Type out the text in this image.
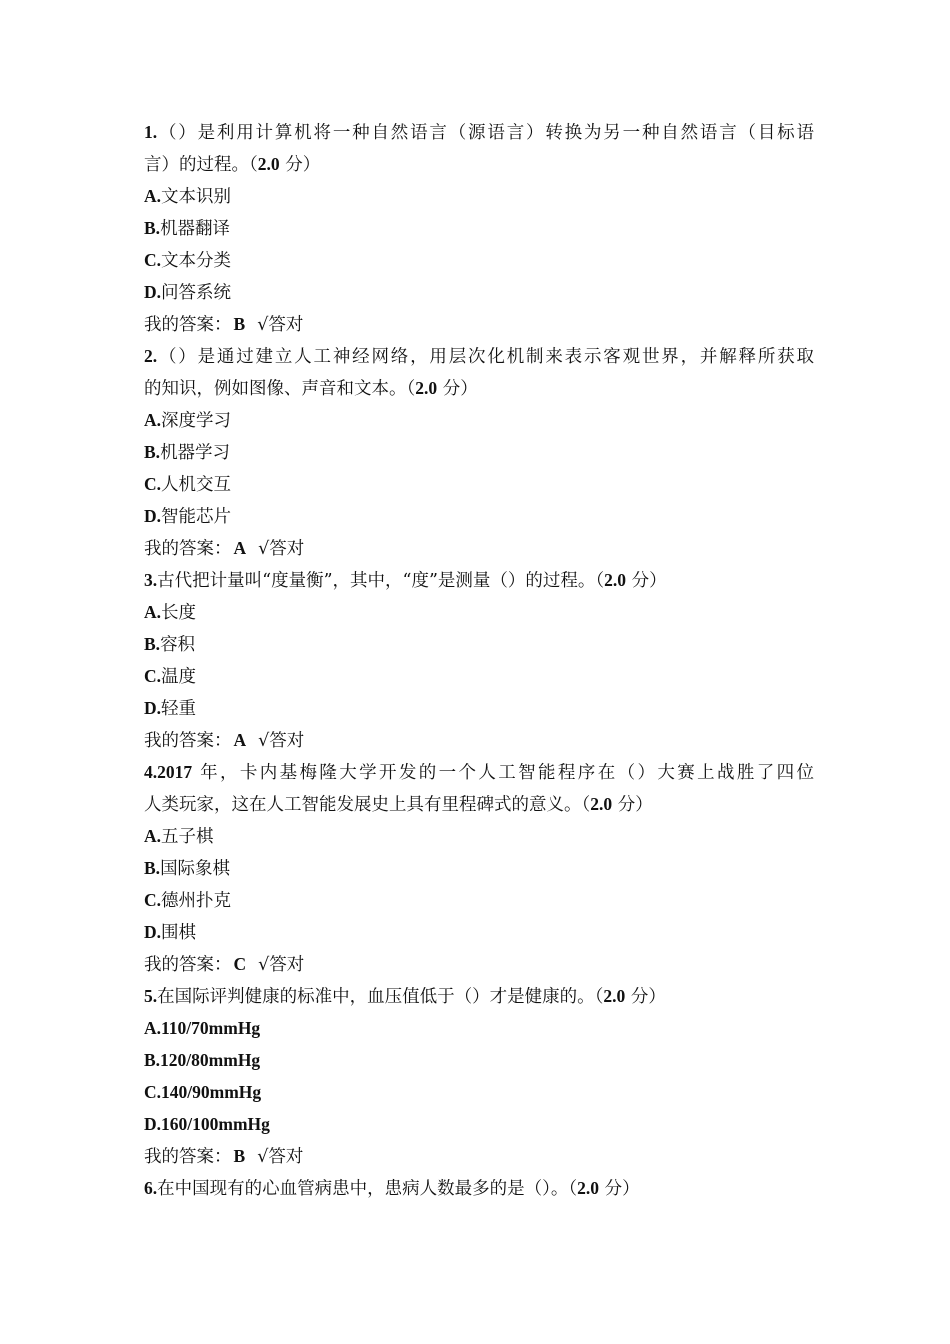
1.（）是利用计算机将一种自然语言（源语言）转换为另一种自然语言（目标语
言）的过程。（2.0 分）
A.文本识别
B.机器翻译
C.文本分类
D.问答系统
我的答案： B √答对
2.（）是通过建立人工神经网络，用层次化机制来表示客观世界，并解释所获取
的知识，例如图像、声音和文本。（2.0 分）
A.深度学习
B.机器学习
C.人机交互
D.智能芯片
我的答案： A √答对
3.古代把计量叫“度量衡”，其中，“度”是测量（）的过程。（2.0 分）
A.长度
B.容积
C.温度
D.轻重
我的答案： A √答对
4.2017 年，卡内基梅隆大学开发的一个人工智能程序在（）大赛上战胜了四位
人类玩家，这在人工智能发展史上具有里程碑式的意义。（2.0 分）
A.五子棋
B.国际象棋
C.德州扑克
D.围棋
我的答案： C √答对
5.在国际评判健康的标准中，血压值低于（）才是健康的。（2.0 分）
A.110/70mmHg
B.120/80mmHg
C.140/90mmHg
D.160/100mmHg
我的答案： B √答对
6.在中国现有的心血管病患中，患病人数最多的是（）。（2.0 分）
